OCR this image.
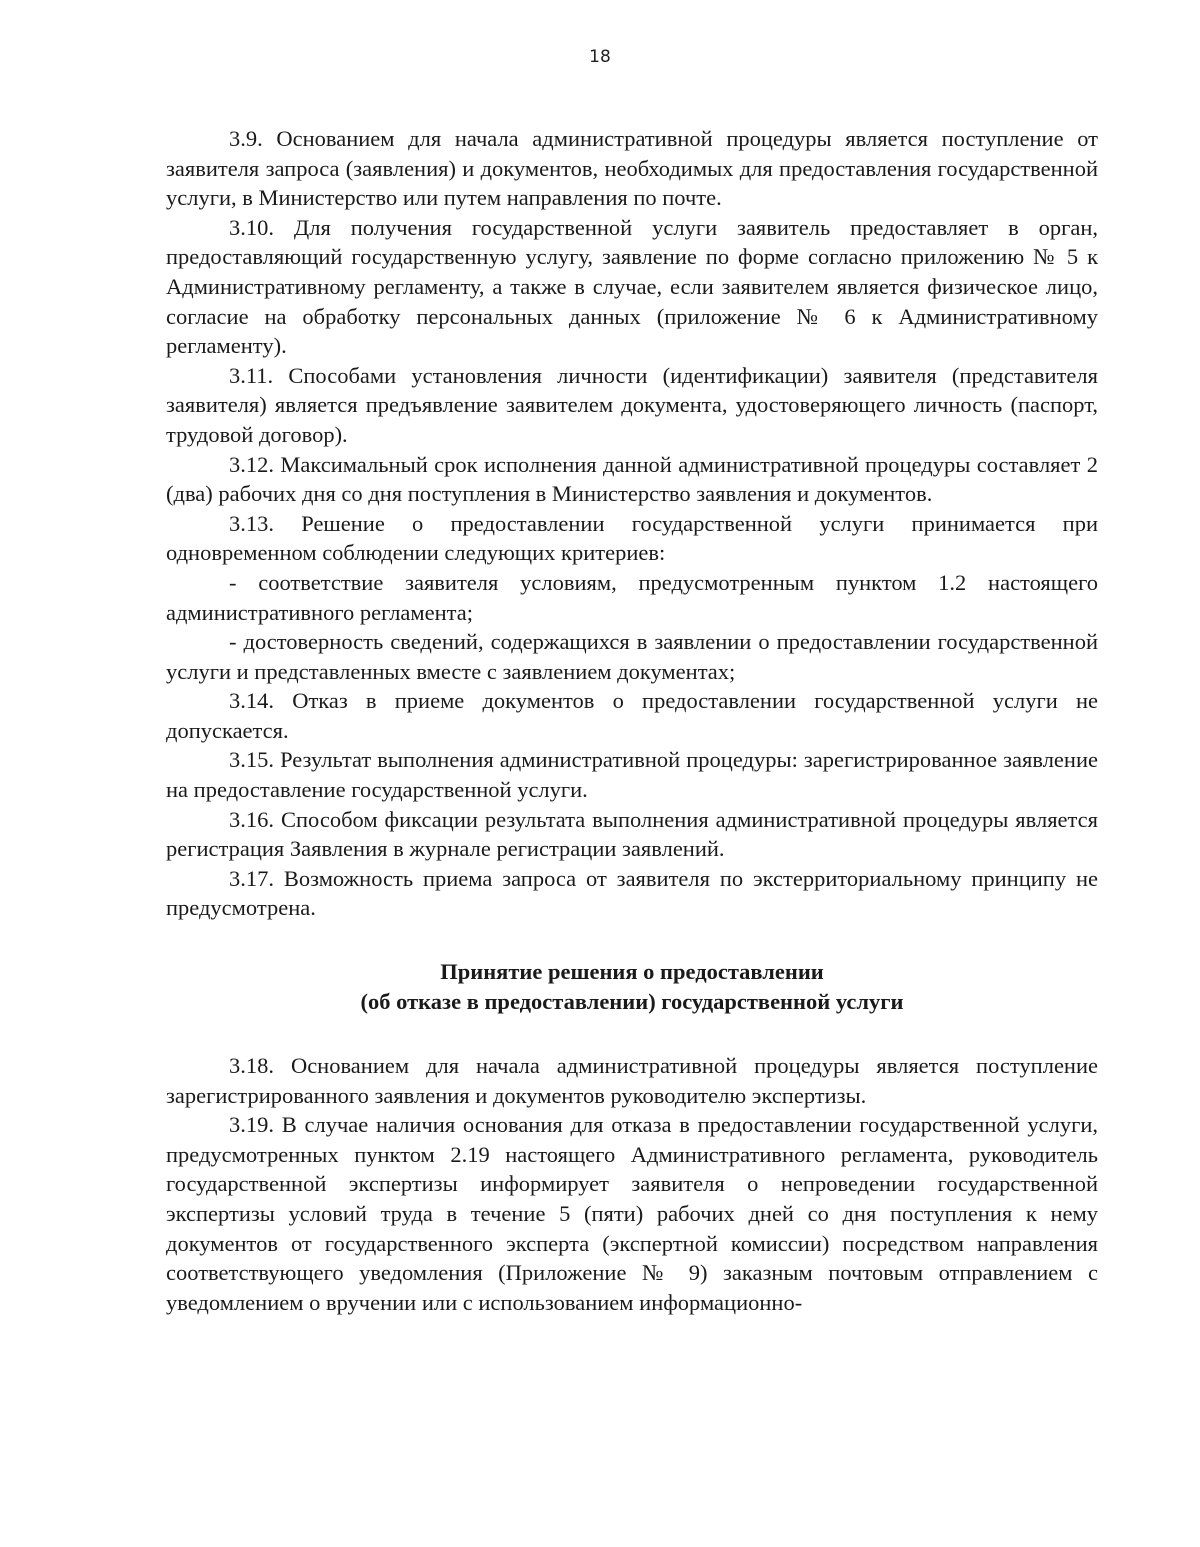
18

3.9. Основанием для начала административной процедуры является поступление от заявителя запроса (заявления) и документов, необходимых для предоставления государственной услуги, в Министерство или путем направления по почте.

3.10. Для получения государственной услуги заявитель предоставляет в орган, предоставляющий государственную услугу, заявление по форме согласно приложению № 5 к Административному регламенту, а также в случае, если заявителем является физическое лицо, согласие на обработку персональных данных (приложение № 6 к Административному регламенту).

3.11. Способами установления личности (идентификации) заявителя (представителя заявителя) является предъявление заявителем документа, удостоверяющего личность (паспорт, трудовой договор).

3.12. Максимальный срок исполнения данной административной процедуры составляет 2 (два) рабочих дня со дня поступления в Министерство заявления и документов.

3.13. Решение о предоставлении государственной услуги принимается при одновременном соблюдении следующих критериев:

- соответствие заявителя условиям, предусмотренным пунктом 1.2 настоящего административного регламента;

- достоверность сведений, содержащихся в заявлении о предоставлении государственной услуги и представленных вместе с заявлением документах;

3.14. Отказ в приеме документов о предоставлении государственной услуги не допускается.

3.15. Результат выполнения административной процедуры: зарегистрированное заявление на предоставление государственной услуги.

3.16. Способом фиксации результата выполнения административной процедуры является регистрация Заявления в журнале регистрации заявлений.

3.17. Возможность приема запроса от заявителя по экстерриториальному принципу не предусмотрена.

Принятие решения о предоставлении
(об отказе в предоставлении) государственной услуги

3.18. Основанием для начала административной процедуры является поступление зарегистрированного заявления и документов руководителю экспертизы.

3.19. В случае наличия основания для отказа в предоставлении государственной услуги, предусмотренных пунктом 2.19 настоящего Административного регламента, руководитель государственной экспертизы информирует заявителя о непроведении государственной экспертизы условий труда в течение 5 (пяти) рабочих дней со дня поступления к нему документов от государственного эксперта (экспертной комиссии) посредством направления соответствующего уведомления (Приложение № 9) заказным почтовым отправлением с уведомлением о вручении или с использованием информационно-
